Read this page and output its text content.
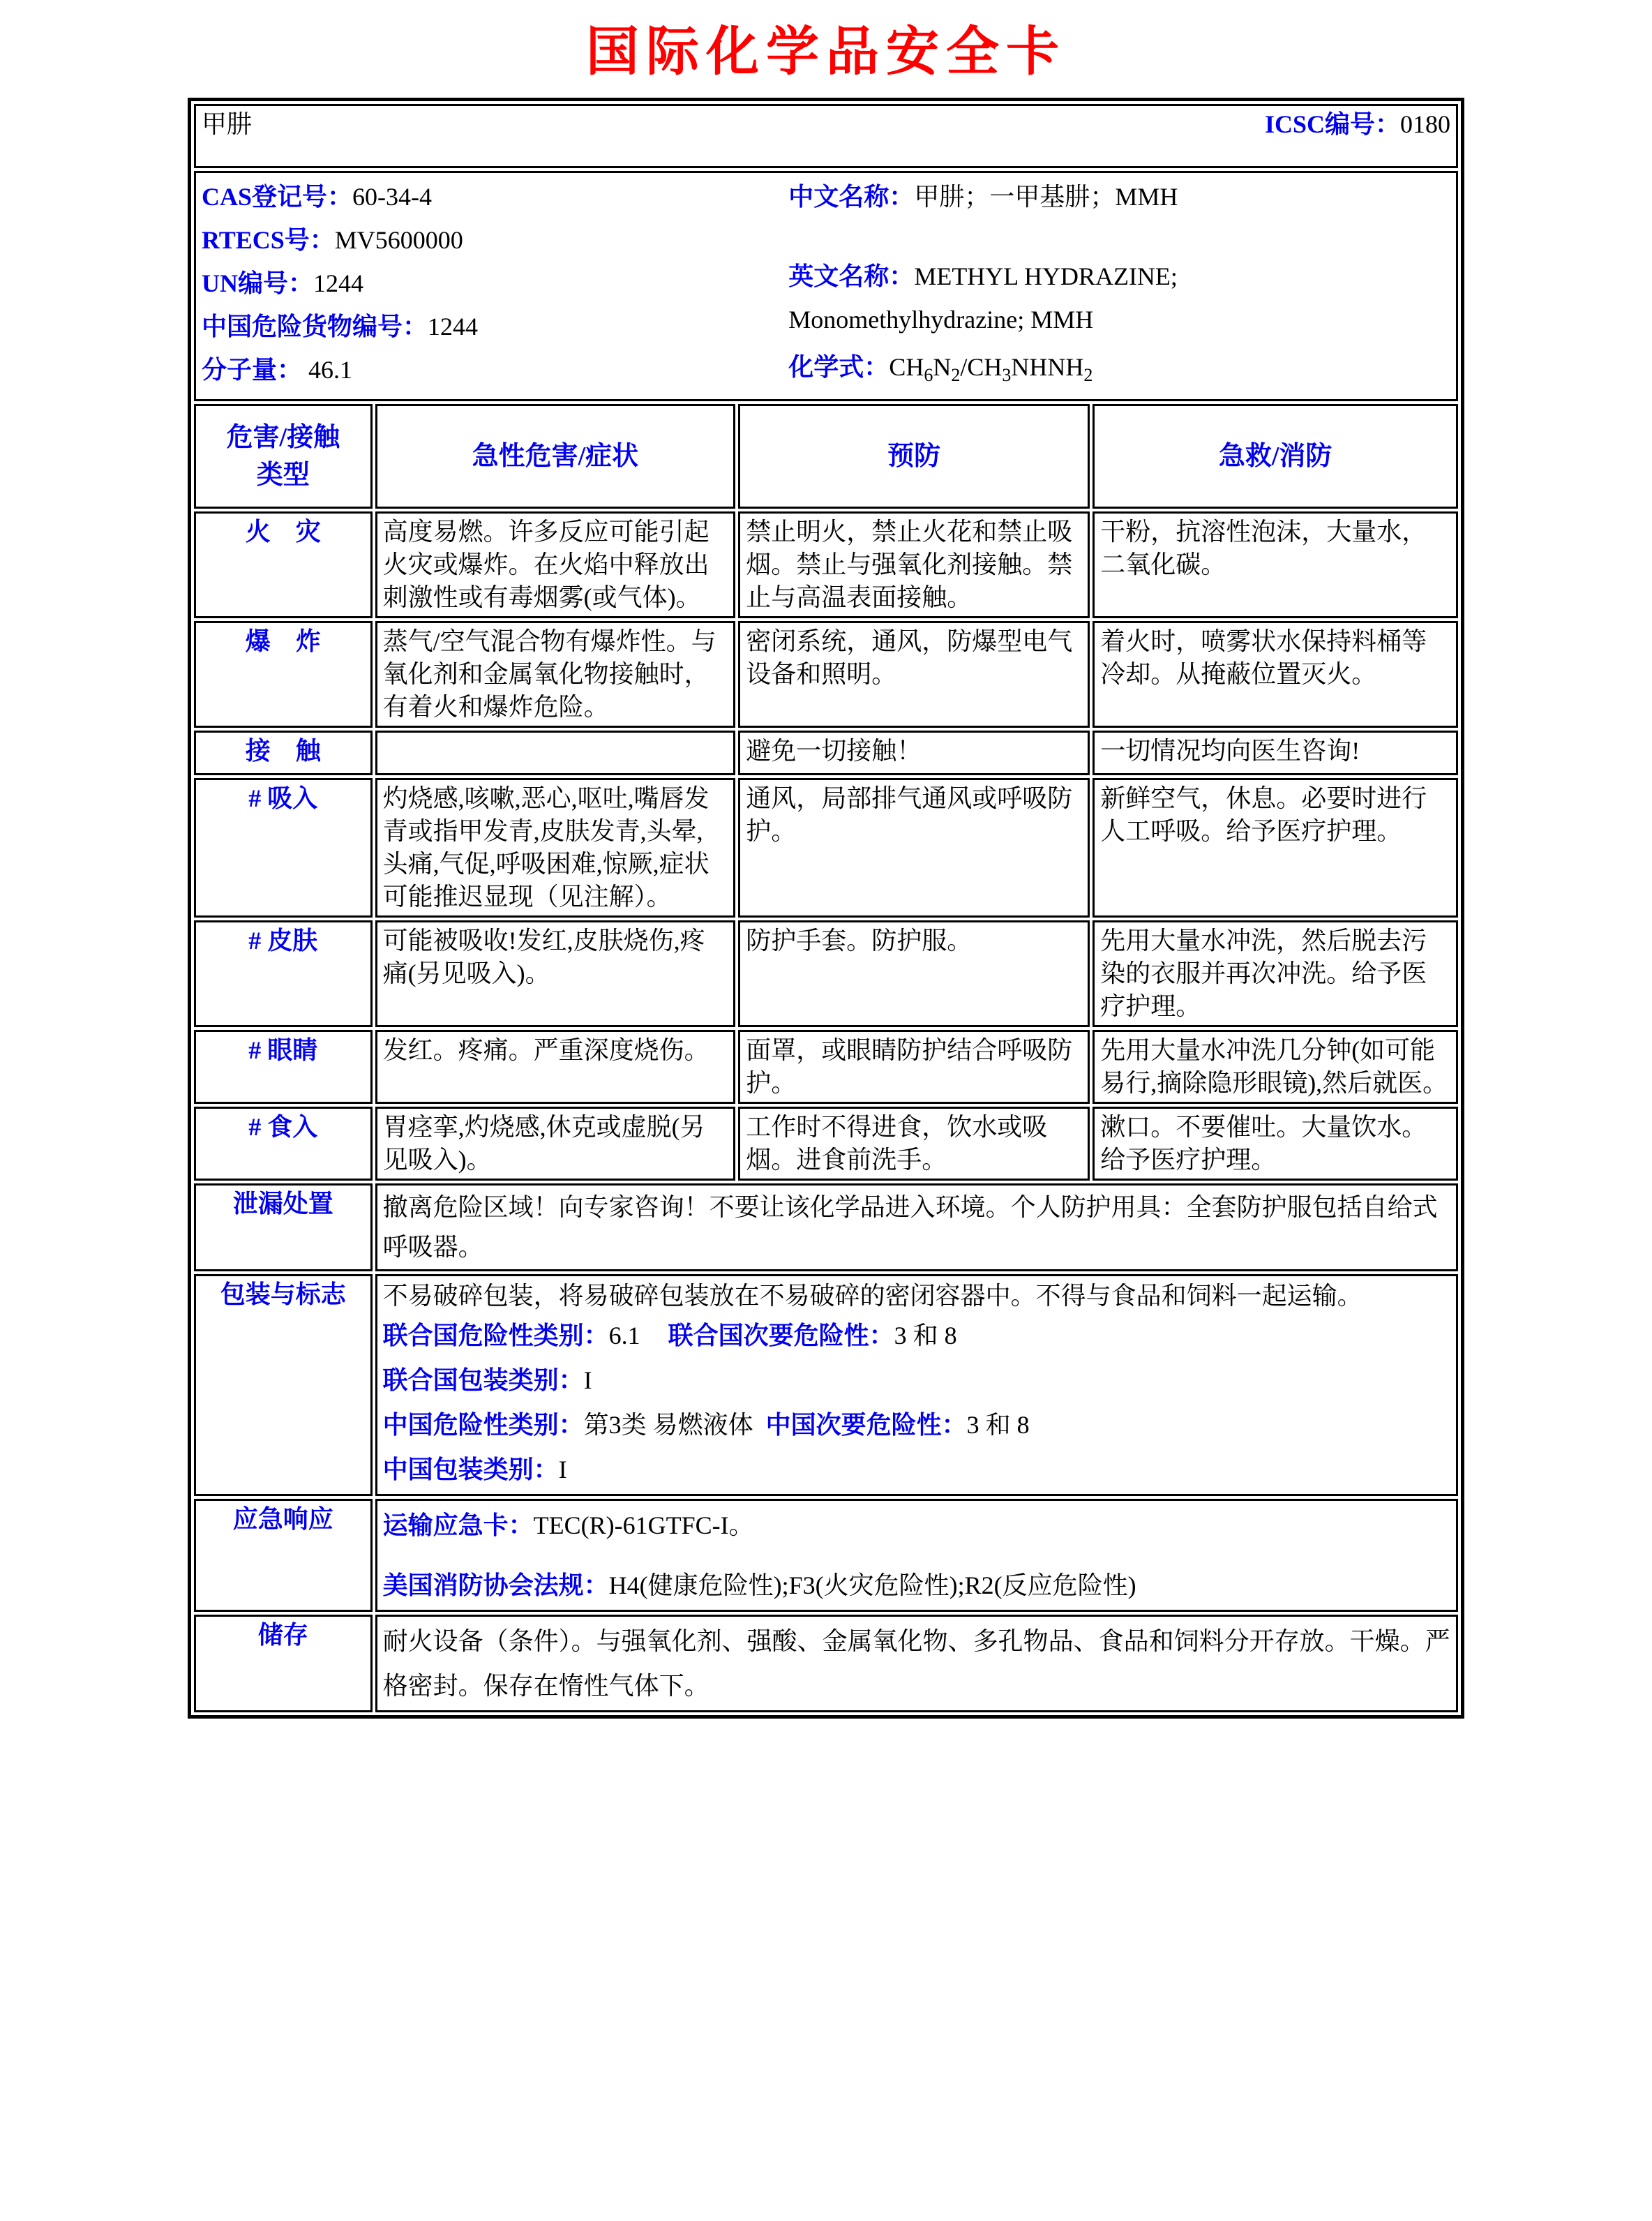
国际化学品安全卡
甲肼 ICSC编号：0180			

CAS登记号：60-34-4
RTECS号：MV5600000
UN编号：1244
中国危险货物编号：1244
分子量： 46.1
中文名称：甲肼；一甲基肼；MMH
英文名称：METHYL HYDRAZINE;
Monomethylhydrazine; MMH
化学式：$CH_6N_2/CH_3NHNH_2$

危害/接触
类型	急性危害/症状	预防	急救/消防
火　灾	高度易燃。许多反应可能引起火灾或爆炸。在火焰中释放出刺激性或有毒烟雾(或气体)。	禁止明火，禁止火花和禁止吸烟。禁止与强氧化剂接触。禁止与高温表面接触。	干粉，抗溶性泡沫，大量水，二氧化碳。
爆　炸	蒸气/空气混合物有爆炸性。与氧化剂和金属氧化物接触时，有着火和爆炸危险。	密闭系统，通风，防爆型电气设备和照明。	着火时，喷雾状水保持料桶等冷却。从掩蔽位置灭火。
接　触		避免一切接触！	一切情况均向医生咨询!
# 吸入	灼烧感,咳嗽,恶心,呕吐,嘴唇发青或指甲发青,皮肤发青,头晕,头痛,气促,呼吸困难,惊厥,症状可能推迟显现（见注解）。	通风，局部排气通风或呼吸防护。	新鲜空气，休息。必要时进行人工呼吸。给予医疗护理。
# 皮肤	可能被吸收!发红,皮肤烧伤,疼痛(另见吸入)。	防护手套。防护服。	先用大量水冲洗，然后脱去污染的衣服并再次冲洗。给予医疗护理。
# 眼睛	发红。疼痛。严重深度烧伤。	面罩，或眼睛防护结合呼吸防护。	先用大量水冲洗几分钟(如可能易行,摘除隐形眼镜),然后就医。
# 食入	胃痉挛,灼烧感,休克或虚脱(另见吸入)。	工作时不得进食，饮水或吸烟。进食前洗手。	漱口。不要催吐。大量饮水。给予医疗护理。
泄漏处置	撤离危险区域！向专家咨询！不要让该化学品进入环境。个人防护用具：全套防护服包括自给式呼吸器。		

包装与标志	不易破碎包装，将易破碎包装放在不易破碎的密闭容器中。不得与食品和饲料一起运输。
联合国危险性类别：6.1 联合国次要危险性：3 和 8
联合国包装类别：I
中国危险性类别：第3类 易燃液体 中国次要危险性：3 和 8
中国包装类别：I		

应急响应	运输应急卡：TEC(R)-61GTFC-I。
美国消防协会法规：H4(健康危险性);F3(火灾危险性);R2(反应危险性)		

储存	耐火设备（条件）。与强氧化剂、强酸、金属氧化物、多孔物品、食品和饲料分开存放。干燥。严格密封。保存在惰性气体下。		
